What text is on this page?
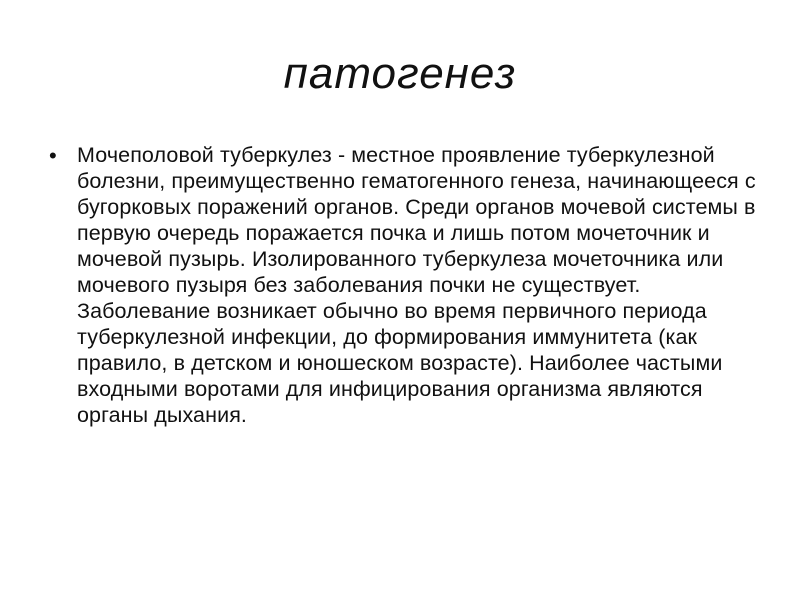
патогенез
• Мочеполовой туберкулез - местное проявление туберкулезной болезни, преимущественно гематогенного генеза, начинающееся с бугорковых поражений органов. Среди органов мочевой системы в первую очередь поражается почка и лишь потом мочеточник и мочевой пузырь. Изолированного туберкулеза мочеточника или мочевого пузыря без заболевания почки не существует. Заболевание возникает обычно во время первичного периода туберкулезной инфекции, до формирования иммунитета (как правило, в детском и юношеском возрасте). Наиболее частыми входными воротами для инфицирования организма являются органы дыхания.
